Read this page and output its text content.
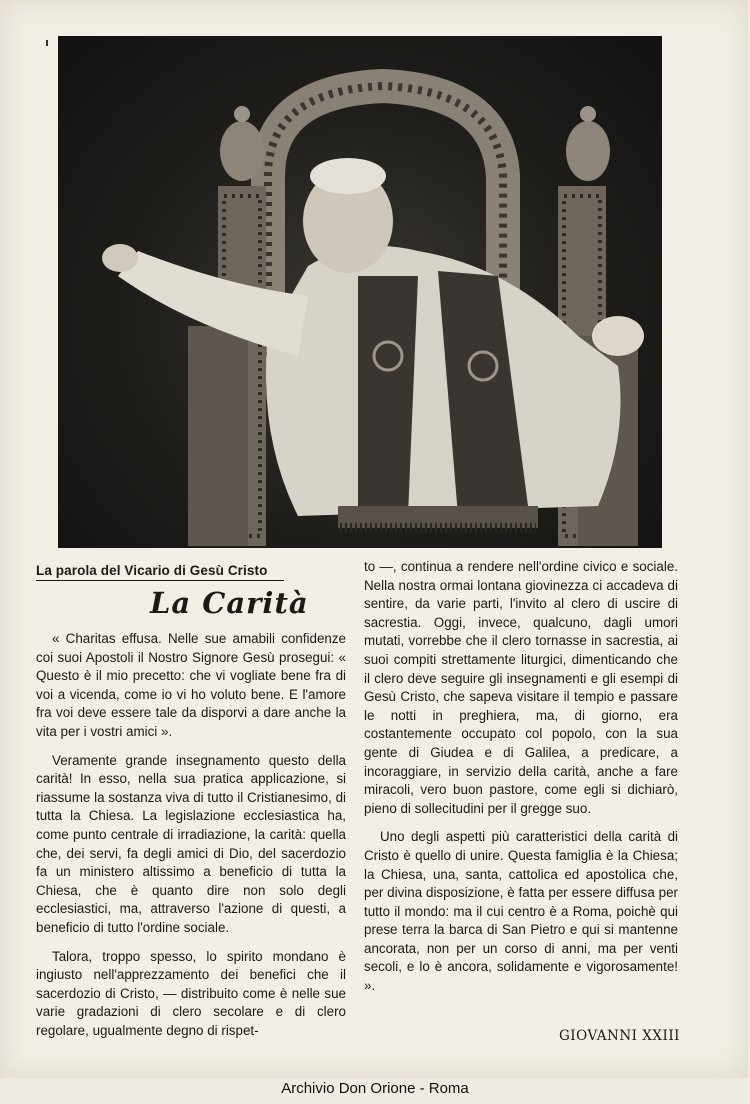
La parola del Vicario di Gesù Cristo
La Carità

« Charitas effusa. Nelle sue amabili confidenze coi suoi Apostoli il Nostro Signore Gesù prosegui: « Questo è il mio precetto: che vi vogliate bene fra di voi a vicenda, come io vi ho voluto bene. E l'amore fra voi deve essere tale da disporvi a dare anche la vita per i vostri amici ».

Veramente grande insegnamento questo della carità! In esso, nella sua pratica applicazione, si riassume la sostanza viva di tutto il Cristianesimo, di tutta la Chiesa. La legislazione ecclesiastica ha, come punto centrale di irradiazione, la carità: quella che, dei servi, fa degli amici di Dio, del sacerdozio fa un ministero altissimo a beneficio di tutta la Chiesa, che è quanto dire non solo degli ecclesiastici, ma, attraverso l'azione di questi, a beneficio di tutto l'ordine sociale.

Talora, troppo spesso, lo spirito mondano è ingiusto nell'apprezzamento dei benefici che il sacerdozio di Cristo, — distribuito come è nelle sue varie gradazioni di clero secolare e di clero regolare, ugualmente degno di rispet-

to —, continua a rendere nell'ordine civico e sociale. Nella nostra ormai lontana giovinezza ci accadeva di sentire, da varie parti, l'invito al clero di uscire di sacrestia. Oggi, invece, qualcuno, dagli umori mutati, vorrebbe che il clero tornasse in sacrestia, ai suoi compiti strettamente liturgici, dimenticando che il clero deve seguire gli insegnamenti e gli esempi di Gesù Cristo, che sapeva visitare il tempio e passare le notti in preghiera, ma, di giorno, era costantemente occupato col popolo, con la sua gente di Giudea e di Galilea, a predicare, a incoraggiare, in servizio della carità, anche a fare miracoli, vero buon pastore, come egli si dichiarò, pieno di sollecitudini per il gregge suo.

Uno degli aspetti più caratteristici della carità di Cristo è quello di unire. Questa famiglia è la Chiesa; la Chiesa, una, santa, cattolica ed apostolica che, per divina disposizione, è fatta per essere diffusa per tutto il mondo: ma il cui centro è a Roma, poichè qui prese terra la barca di San Pietro e qui si mantenne ancorata, non per un corso di anni, ma per venti secoli, e lo è ancora, solidamente e vigorosamente! ».

GIOVANNI XXIII
Archivio Don Orione - Roma
